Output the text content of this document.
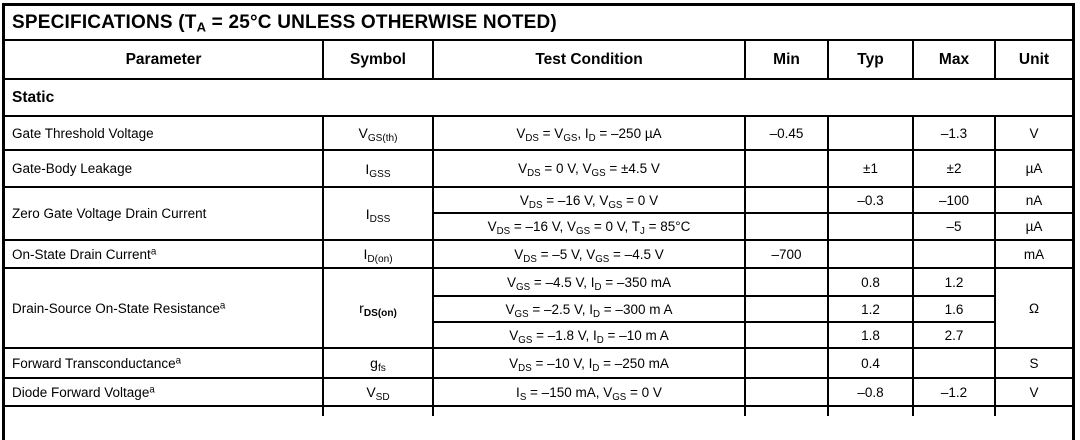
SPECIFICATIONS ($T_A = 25^\circ C$ UNLESS OTHERWISE NOTED)
Parameter	Symbol	Test Condition	Min	Typ	Max	Unit
Static						
Gate Threshold Voltage	$V_{GS(th)}$	$V_{DS} = V_{GS}$, $I_D = -250$ µA	–0.45		–1.3	V
Gate-Body Leakage	$I_{GSS}$	$V_{DS} = 0$ V, $V_{GS} = \pm 4.5$ V		±1	±2	µA
Zero Gate Voltage Drain Current	$I_{DSS}$	$V_{DS} = -16$ V, $V_{GS} = 0$ V		–0.3	–100	nA
		$V_{DS} = -16$ V, $V_{GS} = 0$ V, $T_J = 85^\circ C$			–5	µA
On-State Drain Current$^a$	$I_{D(on)}$	$V_{DS} = -5$ V, $V_{GS} = -4.5$ V	–700			mA
Drain-Source On-State Resistance$^a$	$r_{DS(on)}$	$V_{GS} = -4.5$ V, $I_D = -350$ mA		0.8	1.2	Ω
		$V_{GS} = -2.5$ V, $I_D = -300$ m A		1.2	1.6	
		$V_{GS} = -1.8$ V, $I_D = -10$ m A		1.8	2.7	
Forward Transconductance$^a$	$g_{fs}$	$V_{DS} = -10$ V, $I_D = -250$ mA		0.4		S
Diode Forward Voltage$^a$	$V_{SD}$	$I_S = -150$ mA, $V_{GS} = 0$ V		–0.8	–1.2	V
